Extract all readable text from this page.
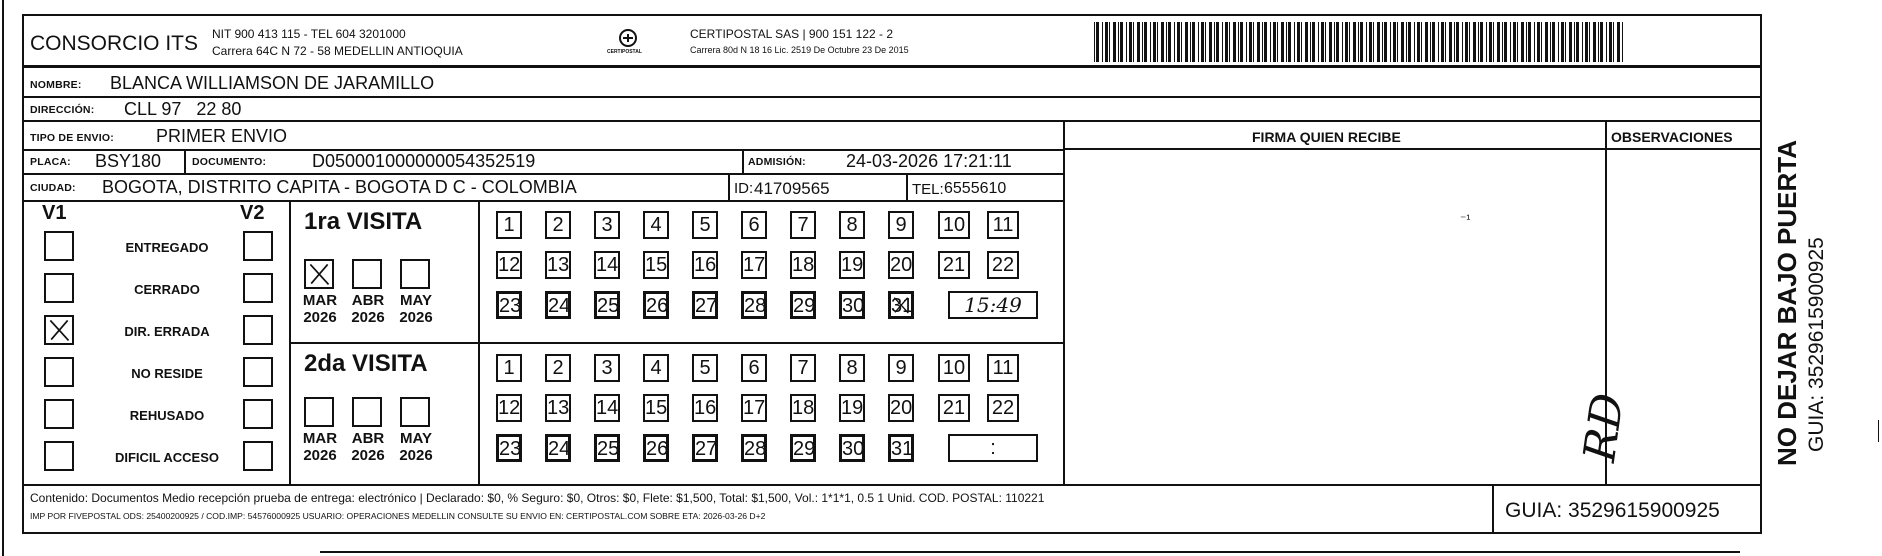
CONSORCIO ITS NIT 900 413 115 - TEL 604 3201000
Carrera 64C N 72 - 58 MEDELLIN ANTIOQUIA	CERTIPOSTAL
CERTIPOSTAL SAS | 900 151 122 - 2
Carrera 80d N 18 16 Lic. 2519 De Octubre 23 De 2015
NOMBRE: BLANCA WILLIAMSON DE JARAMILLO
DIRECCIÓN: CLL 97   22 80
TIPO DE ENVIO: PRIMER ENVIO
PLACA: BSY180	DOCUMENTO:	D050001000000054352519	ADMISIÓN: 24-03-2026 17:21:11
CIUDAD: BOGOTA, DISTRITO CAPITA - BOGOTA D C - COLOMBIA	ID: 41709565	TEL: 6555610
FIRMA QUIEN RECIBE	OBSERVACIONES
RD
⁻¹
V1	V2
ENTREGADO
CERRADO
DIR. ERRADA
NO RESIDE
REHUSADO
DIFICIL ACCESO
1ra VISITA
MAR
2026
ABR
2026
MAY
2026
1	2	3	4	5	6	7	8	9	10 11
12 13 14 15 16 17 18 19 20 21 22
23 24 25 26 27 28 29 30 31	15:49
2da VISITA
MAR
2026
ABR
2026
MAY
2026
1	2	3	4	5	6	7	8	9	10 11
12 13 14 15 16 17 18 19 20 21 22
23 24 25 26 27 28 29 30 31	:
Contenido: Documentos Medio recepción prueba de entrega: electrónico | Declarado: $0, % Seguro: $0, Otros: $0, Flete: $1,500, Total: $1,500, Vol.: 1*1*1, 0.5 1 Unid. COD. POSTAL: 110221
IMP POR FIVEPOSTAL ODS: 25400200925 / COD.IMP: 54576000925 USUARIO: OPERACIONES MEDELLIN CONSULTE SU ENVIO EN: CERTIPOSTAL.COM SOBRE ETA: 2026-03-26 D+2	GUIA: 3529615900925
NO DEJAR BAJO PUERTA GUIA: 3529615900925
